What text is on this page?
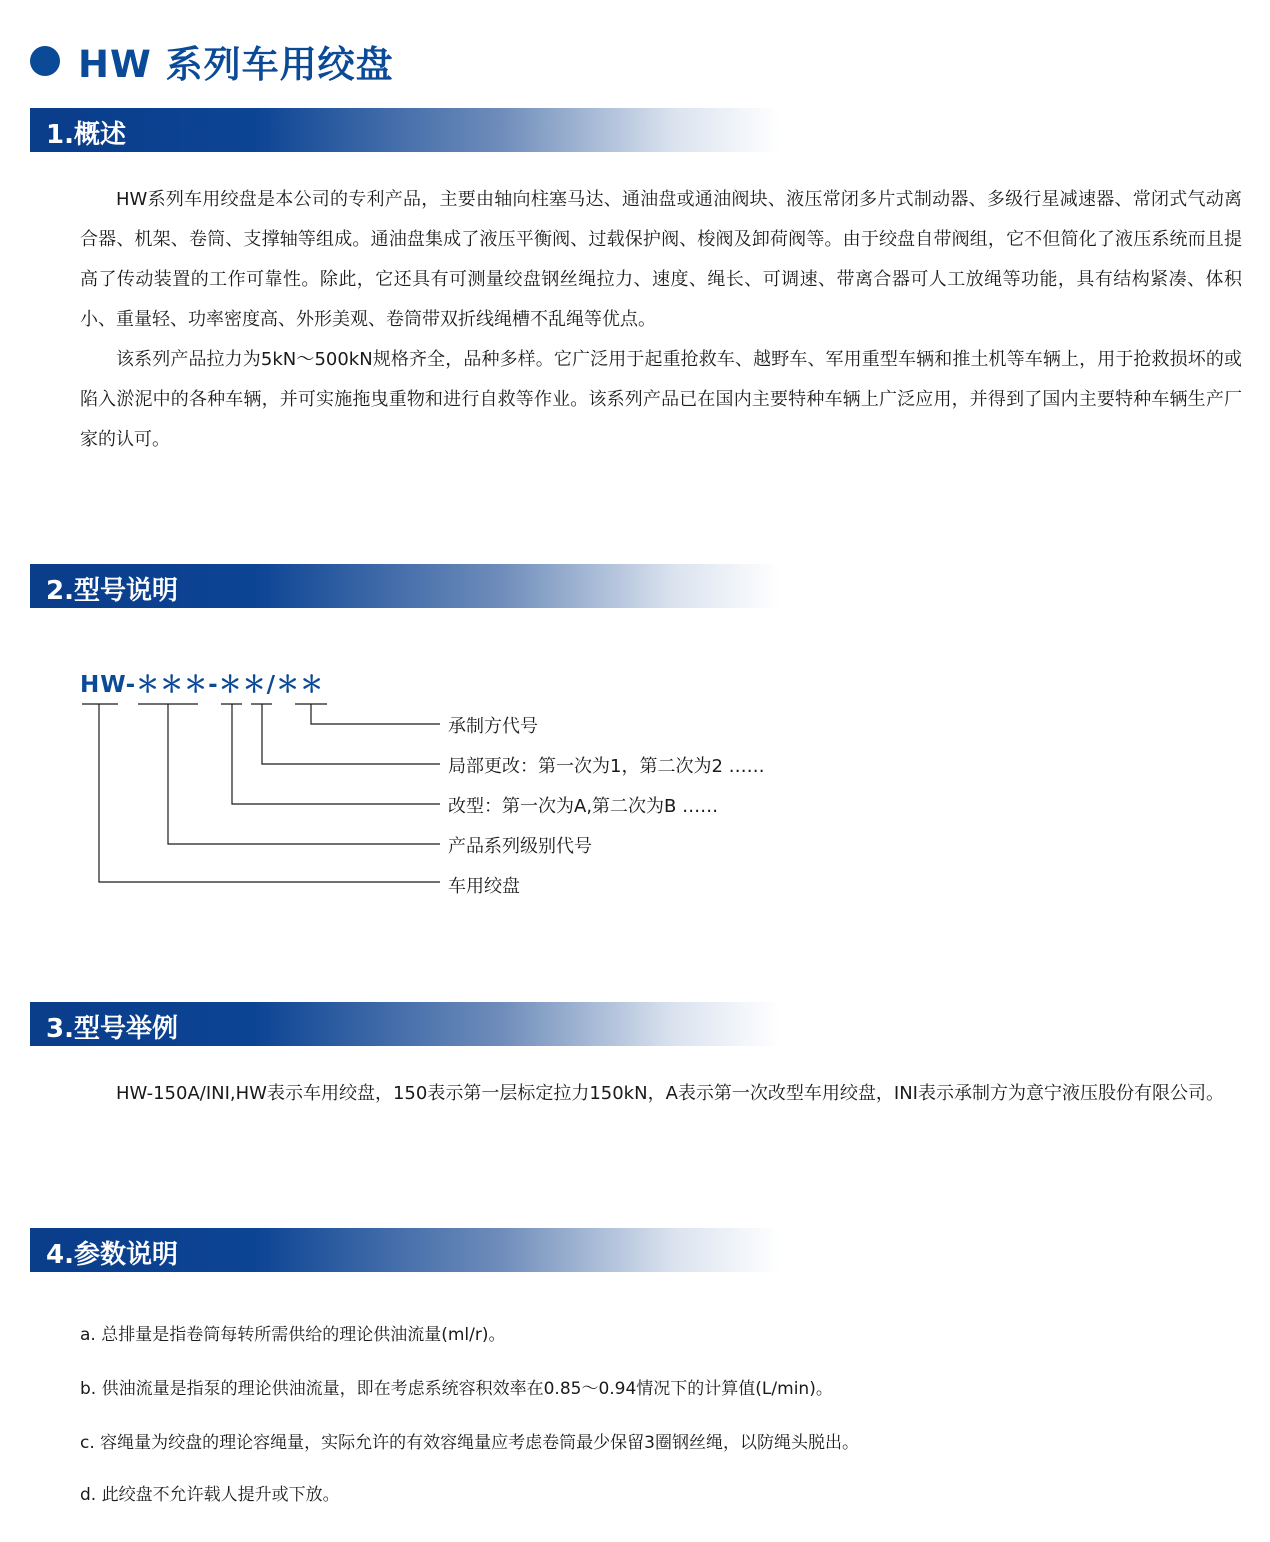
HW 系列车用绞盘
1.概述

HW系列车用绞盘是本公司的专利产品，主要由轴向柱塞马达、通油盘或通油阀块、液压常闭多片式制动器、多级行星减速器、常闭式气动离合器、机架、卷筒、支撑轴等组成。通油盘集成了液压平衡阀、过载保护阀、梭阀及卸荷阀等。由于绞盘自带阀组，它不但简化了液压系统而且提高了传动装置的工作可靠性。除此，它还具有可测量绞盘钢丝绳拉力、速度、绳长、可调速、带离合器可人工放绳等功能，具有结构紧凑、体积小、重量轻、功率密度高、外形美观、卷筒带双折线绳槽不乱绳等优点。

该系列产品拉力为5kN～500kN规格齐全，品种多样。它广泛用于起重抢救车、越野车、军用重型车辆和推土机等车辆上，用于抢救损坏的或陷入淤泥中的各种车辆，并可实施拖曳重物和进行自救等作业。该系列产品已在国内主要特种车辆上广泛应用，并得到了国内主要特种车辆生产厂家的认可。

2.型号说明
HW-＊＊＊-＊＊/＊＊
承制方代号
局部更改：第一次为1，第二次为2 ……
改型：第一次为A,第二次为B ……
产品系列级别代号
车用绞盘
3.型号举例

HW-150A/INI,HW表示车用绞盘，150表示第一层标定拉力150kN，A表示第一次改型车用绞盘，INI表示承制方为意宁液压股份有限公司。

4.参数说明
a. 总排量是指卷筒每转所需供给的理论供油流量(ml/r)。
b. 供油流量是指泵的理论供油流量，即在考虑系统容积效率在0.85～0.94情况下的计算值(L/min)。
c. 容绳量为绞盘的理论容绳量，实际允许的有效容绳量应考虑卷筒最少保留3圈钢丝绳，以防绳头脱出。
d. 此绞盘不允许载人提升或下放。
